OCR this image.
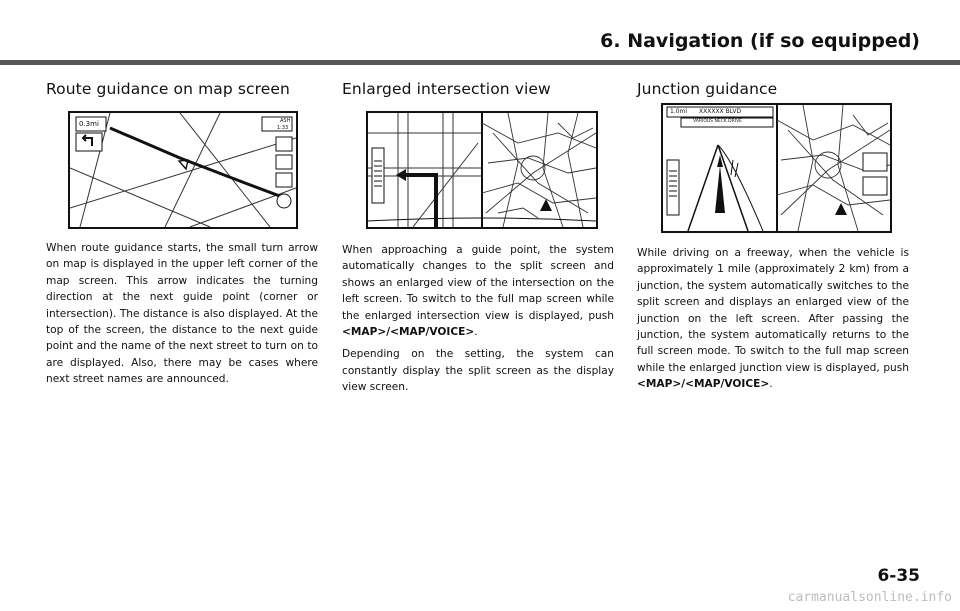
6. Navigation (if so equipped)
Route guidance on map screen
0.3mi	ASH
1:33

When route guidance starts, the small turn arrow on map is displayed in the upper left corner of the map screen. This arrow indicates the turning direction at the next guide point (corner or intersection). The distance is also displayed. At the top of the screen, the distance to the next guide point and the name of the next street to turn on to are displayed. Also, there may be cases where next street names are announced.

Enlarged intersection view

When approaching a guide point, the system automatically changes to the split screen and shows an enlarged view of the intersection on the left screen. To switch to the full map screen while the enlarged intersection view is displayed, push <MAP>/<MAP/VOICE>.

Depending on the setting, the system can constantly display the split screen as the display view screen.

Junction guidance
1.0mi XXXXXX BLVD
VARIOUS NECK DRIVE

While driving on a freeway, when the vehicle is approximately 1 mile (approximately 2 km) from a junction, the system automatically switches to the split screen and displays an enlarged view of the junction on the left screen. After passing the junction, the system automatically returns to the full screen mode. To switch to the full map screen while the enlarged junction view is displayed, push <MAP>/<MAP/VOICE>.

6-35
carmanualsonline.info
